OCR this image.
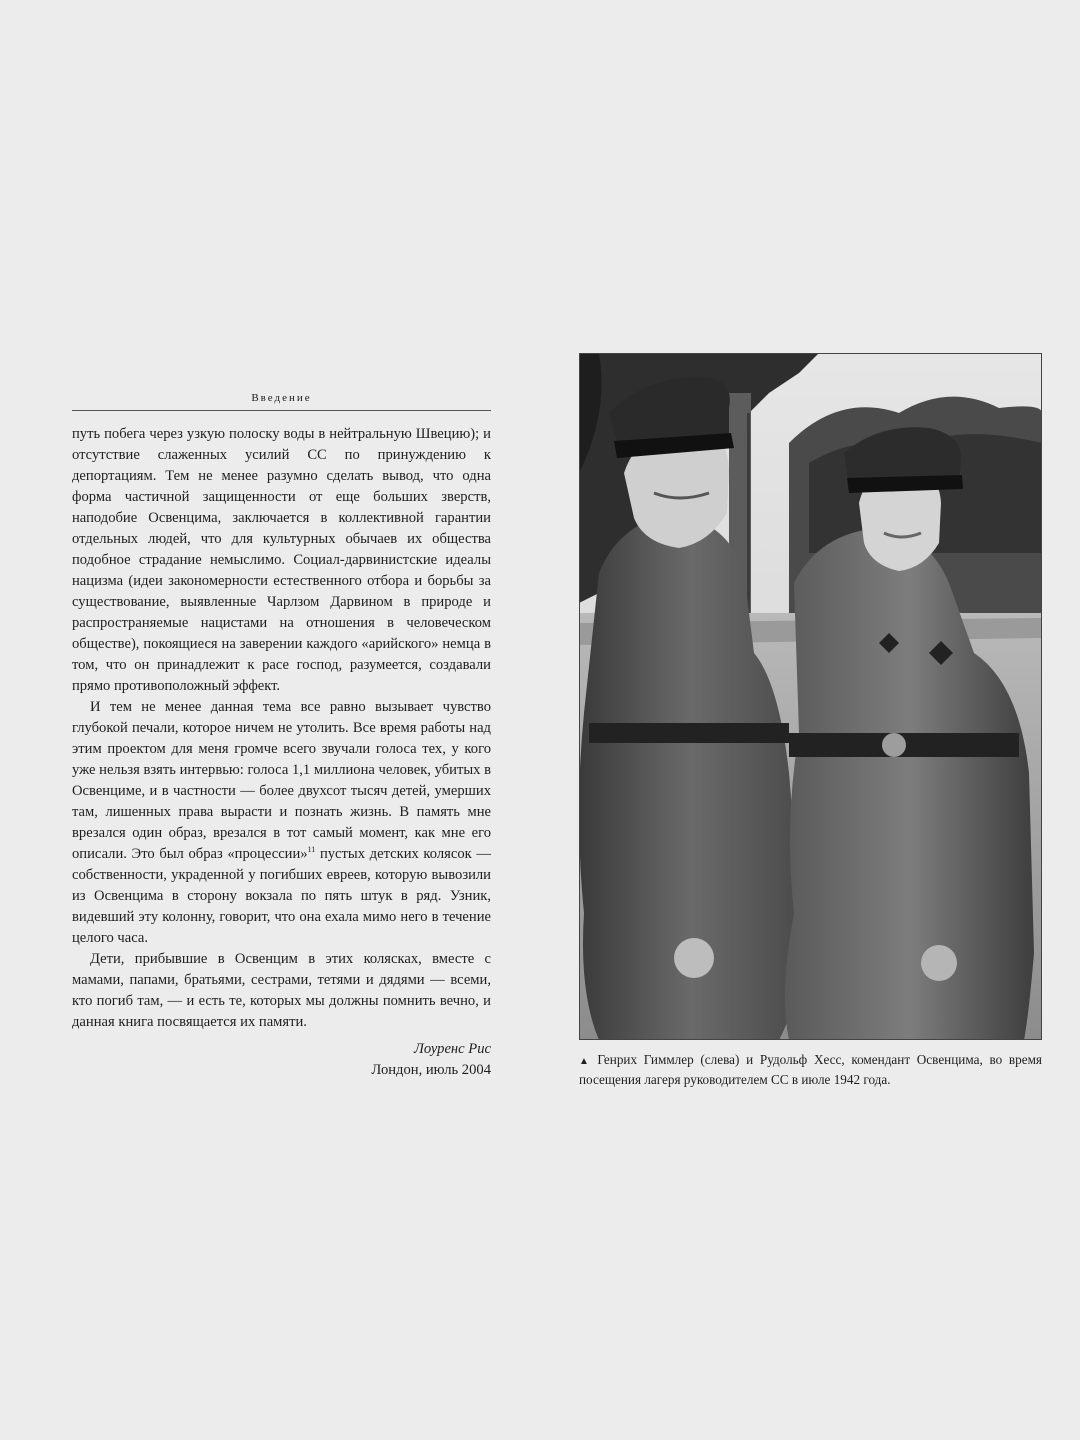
Введение

путь побега через узкую полоску воды в нейтральную Швецию); и отсутствие слаженных усилий СС по принуждению к депортациям. Тем не менее разумно сделать вывод, что одна форма частичной защищенности от еще больших зверств, наподобие Освенцима, заключается в коллективной гарантии отдельных людей, что для культурных обычаев их общества подобное страдание немыслимо. Социал-дарвинистские идеалы нацизма (идеи закономерности естественного отбора и борьбы за существование, выявленные Чарлзом Дарвином в природе и распространяемые нацистами на отношения в человеческом обществе), покоящиеся на заверении каждого «арийского» немца в том, что он принадлежит к расе господ, разумеется, создавали прямо противоположный эффект.

И тем не менее данная тема все равно вызывает чувство глубокой печали, которое ничем не утолить. Все время работы над этим проектом для меня громче всего звучали голоса тех, у кого уже нельзя взять интервью: голоса 1,1 миллиона человек, убитых в Освенциме, и в частности — более двухсот тысяч детей, умерших там, лишенных права вырасти и познать жизнь. В память мне врезался один образ, врезался в тот самый момент, как мне его описали. Это был образ «процессии»$^{11}$ пустых детских колясок — собственности, украденной у погибших евреев, которую вывозили из Освенцима в сторону вокзала по пять штук в ряд. Узник, видевший эту колонну, говорит, что она ехала мимо него в течение целого часа.

Дети, прибывшие в Освенцим в этих колясках, вместе с мамами, папами, братьями, сестрами, тетями и дядями — всеми, кто погиб там, — и есть те, которых мы должны помнить вечно, и данная книга посвящается их памяти.

Лоуренс Рис
Лондон, июль 2004
▲ Генрих Гиммлер (слева) и Рудольф Хесс, комендант Освенцима, во время посещения лагеря руководителем СС в июле 1942 года.
